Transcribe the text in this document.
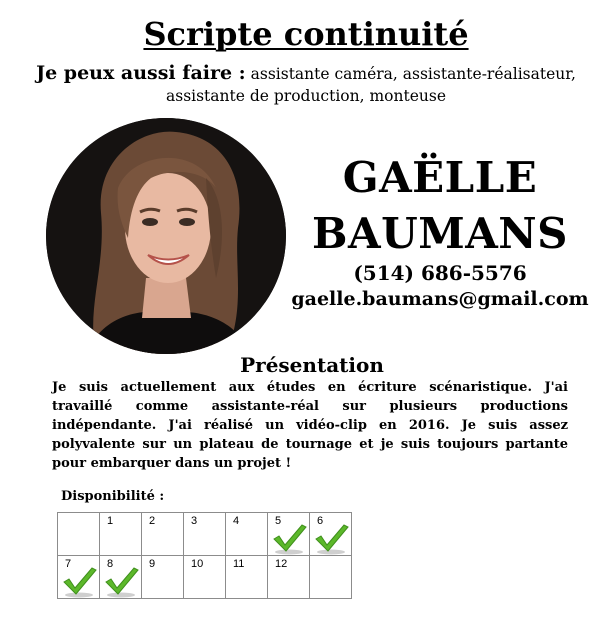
Scripte continuité
Je peux aussi faire : assistante caméra, assistante-réalisateur, assistante de production, monteuse
GAËLLE
BAUMANS
(514) 686-5576
gaelle.baumans@gmail.com
Présentation
Je suis actuellement aux études en écriture scénaristique. J'ai travaillé comme assistante-réal sur plusieurs productions indépendante. J'ai réalisé un vidéo-clip en 2016. Je suis assez polyvalente sur un plateau de tournage et je suis toujours partante pour embarquer dans un projet !
Disponibilité :

	1	2	3	4	5	6

7	8	9	10	11	12	
